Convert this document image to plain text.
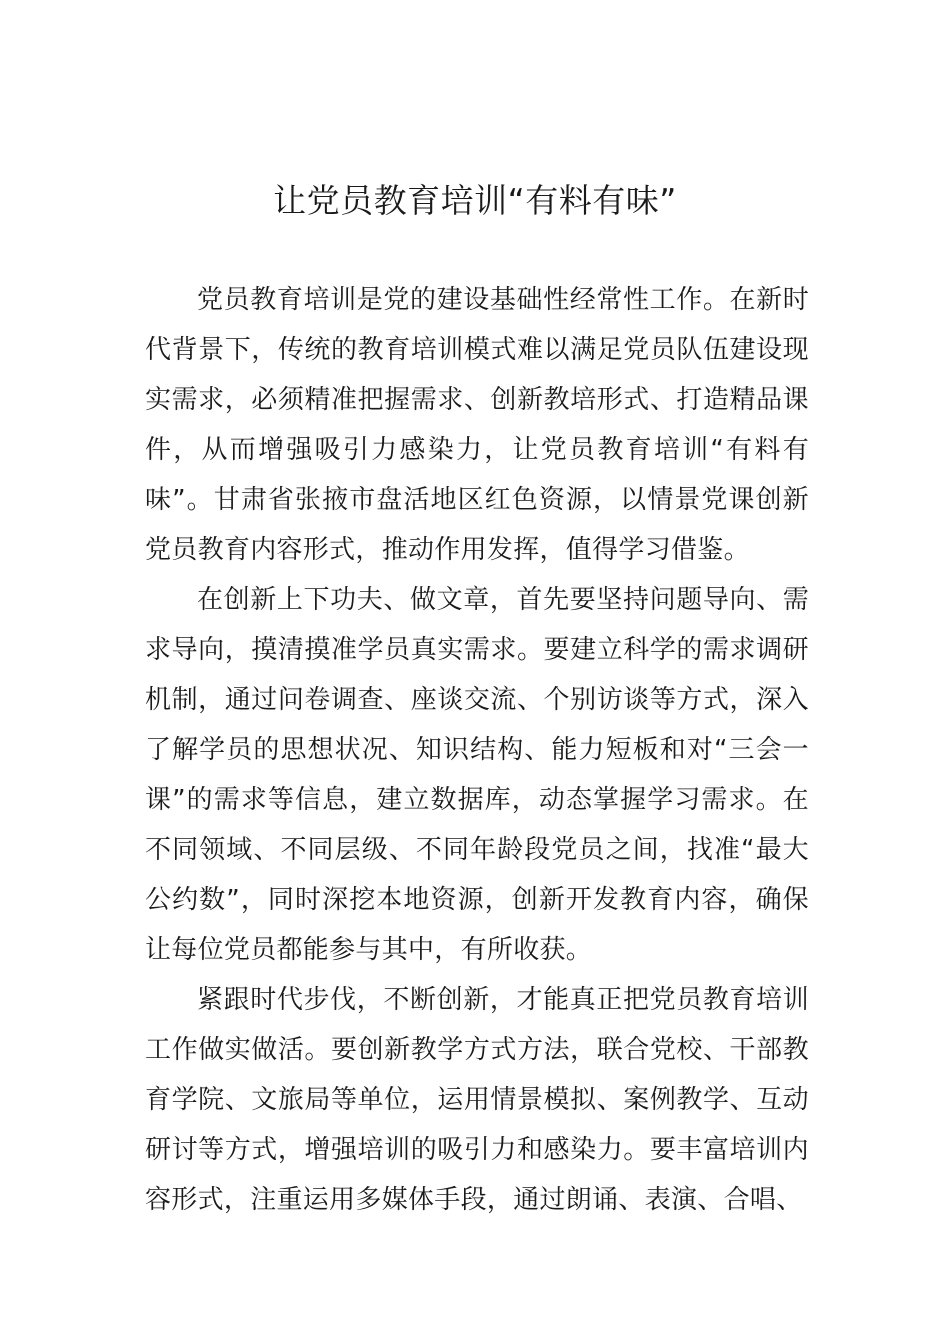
让党员教育培训“有料有味”

党员教育培训是党的建设基础性经常性工作。在新时代背景下，传统的教育培训模式难以满足党员队伍建设现实需求，必须精准把握需求、创新教培形式、打造精品课件，从而增强吸引力感染力，让党员教育培训“有料有味”。甘肃省张掖市盘活地区红色资源，以情景党课创新党员教育内容形式，推动作用发挥，值得学习借鉴。

在创新上下功夫、做文章，首先要坚持问题导向、需求导向，摸清摸准学员真实需求。要建立科学的需求调研机制，通过问卷调查、座谈交流、个别访谈等方式，深入了解学员的思想状况、知识结构、能力短板和对“三会一课”的需求等信息，建立数据库，动态掌握学习需求。在不同领域、不同层级、不同年龄段党员之间，找准“最大公约数”，同时深挖本地资源，创新开发教育内容，确保让每位党员都能参与其中，有所收获。

紧跟时代步伐，不断创新，才能真正把党员教育培训工作做实做活。要创新教学方式方法，联合党校、干部教育学院、文旅局等单位，运用情景模拟、案例教学、互动研讨等方式，增强培训的吸引力和感染力。要丰富培训内容形式，注重运用多媒体手段，通过朗诵、表演、合唱、
